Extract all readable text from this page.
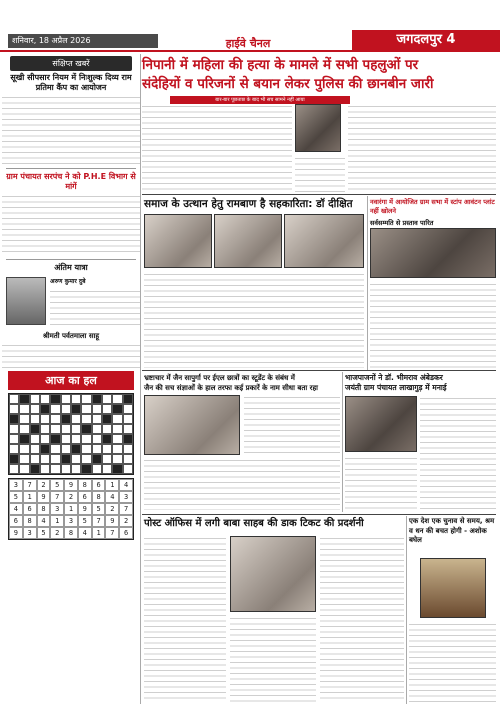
शनिवार, 18 अप्रैल 2026	हाईवे चैनल	जगदलपुर 4
संक्षिप्त खबरें
सूखी सीपसार नियम में निःशुल्क दिव्य राम प्रतिमा कैंप का आयोजन
ग्राम पंचायत सरपंच ने को P.H.E विभाग से मांगें
अंतिम यात्रा
अरुण कुमार दुबे
श्रीमती पर्वतमाला साहू
आज का हल
3	7	2	5	9	8	6	1	4
5	1	9	7	2	6	8	4	3
4	6	8	3	1	9	5	2	7
6	8	4	1	3	5	7	9	2
9	3	5	2	8	4	1	7	6
निपानी में महिला की हत्या के मामले में सभी पहलुओं पर
संदेहियों व परिजनों से बयान लेकर पुलिस की छानबीन जारी
बार-बार पूछताछ के बाद भी सच सामने नहीं आया
समाज के उत्थान हेतु रामबाण है सहकारिता: डॉ दीक्षित	नवारंगा में आयोजित ग्राम सभा में स्टांप आवंटन प्लांट नहीं खोलने
सर्वसम्मति से प्रस्ताव पारित
भ्रष्टाचार में जैन सापुर्गा पर ईएल छात्रों का स्टूडेंट के संबंध में
जैन की सच संज्ञाओं के हाल तरफा कई प्रकारें के नाम सीधा बता रहा
भाजपाजनों ने डॉ. भीमराव अंबेडकर
जयंती ग्राम पंचायत लाखागुड़ में मनाई
पोस्ट ऑफिस में लगी बाबा साहब की डाक टिकट की प्रदर्शनी	एक देश एक चुनाव से समय, श्रम व धन की बचत होगी - अशोक बघेल
